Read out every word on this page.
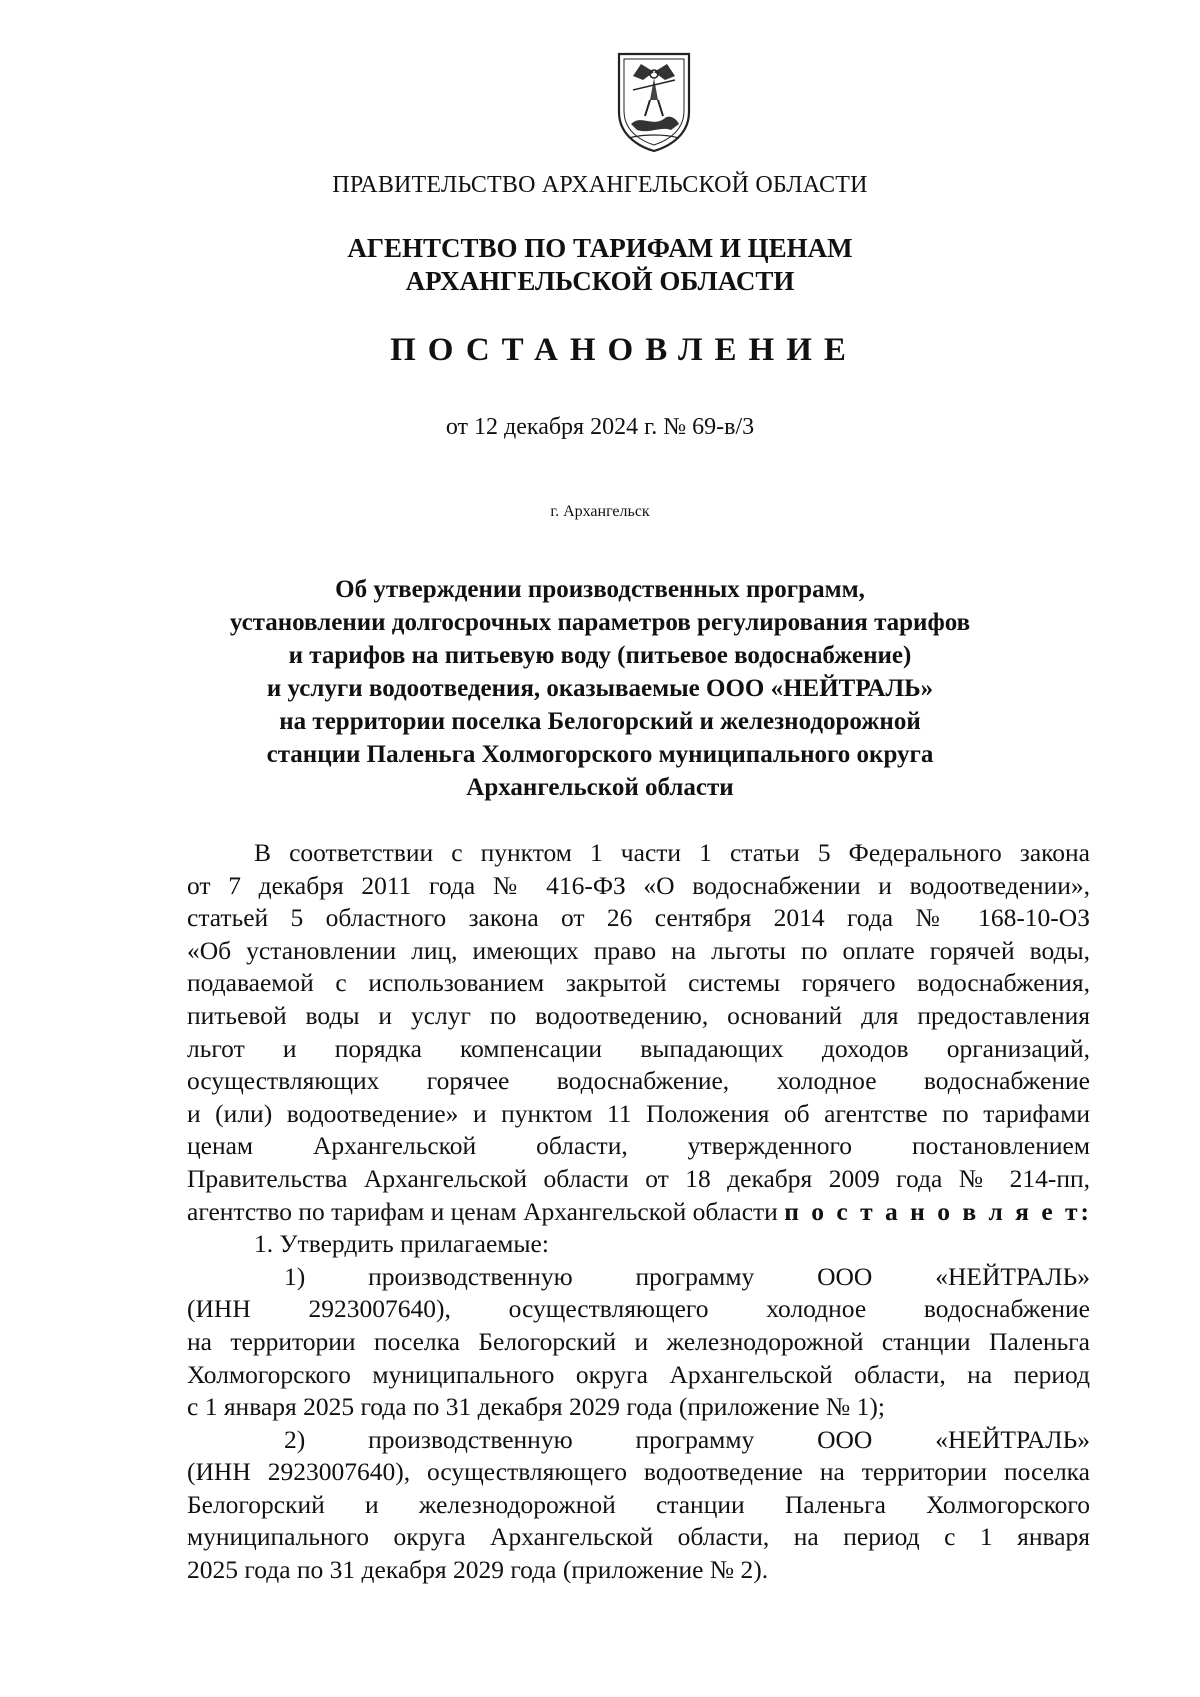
ПРАВИТЕЛЬСТВО АРХАНГЕЛЬСКОЙ ОБЛАСТИ
АГЕНТСТВО ПО ТАРИФАМ И ЦЕНАМ
АРХАНГЕЛЬСКОЙ ОБЛАСТИ
ПОСТАНОВЛЕНИЕ
от 12 декабря 2024 г. № 69-в/3
г. Архангельск
Об утверждении производственных программ,
установлении долгосрочных параметров регулирования тарифов
и тарифов на питьевую воду (питьевое водоснабжение)
и услуги водоотведения, оказываемые ООО «НЕЙТРАЛЬ»
на территории поселка Белогорский и железнодорожной
станции Паленьга Холмогорского муниципального округа
Архангельской области
В соответствии с пунктом 1 части 1 статьи 5 Федерального закона
от 7 декабря 2011 года № 416-ФЗ «О водоснабжении и водоотведении»,
статьей 5 областного закона от 26 сентября 2014 года № 168-10-ОЗ
«Об установлении лиц, имеющих право на льготы по оплате горячей воды,
подаваемой с использованием закрытой системы горячего водоснабжения,
питьевой воды и услуг по водоотведению, оснований для предоставления
льгот и порядка компенсации выпадающих доходов организаций,
осуществляющих горячее водоснабжение, холодное водоснабжение
и (или) водоотведение» и пунктом 11 Положения об агентстве по тарифами
ценам Архангельской области, утвержденного постановлением
Правительства Архангельской области от 18 декабря 2009 года № 214-пп,
агентство по тарифам и ценам Архангельской области п о с т а н о в л я е т:
1. Утвердить прилагаемые:
1) производственную программу ООО «НЕЙТРАЛЬ»
(ИНН 2923007640), осуществляющего холодное водоснабжение
на территории поселка Белогорский и железнодорожной станции Паленьга
Холмогорского муниципального округа Архангельской области, на период
с 1 января 2025 года по 31 декабря 2029 года (приложение № 1);
2) производственную программу ООО «НЕЙТРАЛЬ»
(ИНН 2923007640), осуществляющего водоотведение на территории поселка
Белогорский и железнодорожной станции Паленьга Холмогорского
муниципального округа Архангельской области, на период с 1 января
2025 года по 31 декабря 2029 года (приложение № 2).
